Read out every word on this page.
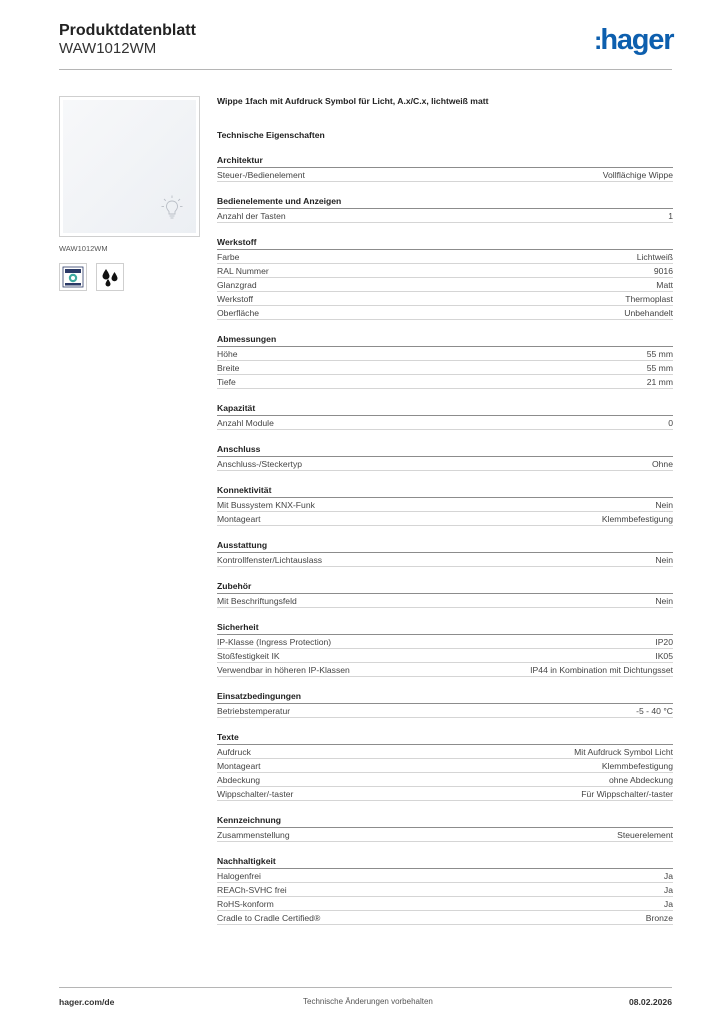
Produktdatenblatt
WAW1012WM	:hager
WAW1012WM
Wippe 1fach mit Aufdruck Symbol für Licht, A.x/C.x, lichtweiß matt
Technische Eigenschaften
Architektur
Steuer-/Bedienelement	Vollflächige Wippe
Bedienelemente und Anzeigen
Anzahl der Tasten	1
Werkstoff
Farbe	Lichtweiß
RAL Nummer	9016
Glanzgrad	Matt
Werkstoff	Thermoplast
Oberfläche	Unbehandelt
Abmessungen
Höhe	55 mm
Breite	55 mm
Tiefe	21 mm
Kapazität
Anzahl Module	0
Anschluss
Anschluss-/Steckertyp	Ohne
Konnektivität
Mit Bussystem KNX-Funk	Nein
Montageart	Klemmbefestigung
Ausstattung
Kontrollfenster/Lichtauslass	Nein
Zubehör
Mit Beschriftungsfeld	Nein
Sicherheit
IP-Klasse (Ingress Protection)	IP20
Stoßfestigkeit IK	IK05
Verwendbar in höheren IP-Klassen	IP44 in Kombination mit Dichtungsset
Einsatzbedingungen
Betriebstemperatur	-5 - 40 °C
Texte
Aufdruck	Mit Aufdruck Symbol Licht
Montageart	Klemmbefestigung
Abdeckung	ohne Abdeckung
Wippschalter/-taster	Für Wippschalter/-taster
Kennzeichnung
Zusammenstellung	Steuerelement
Nachhaltigkeit
Halogenfrei	Ja
REACh-SVHC frei	Ja
RoHS-konform	Ja
Cradle to Cradle Certified®	Bronze
hager.com/de	Technische Änderungen vorbehalten	08.02.2026
